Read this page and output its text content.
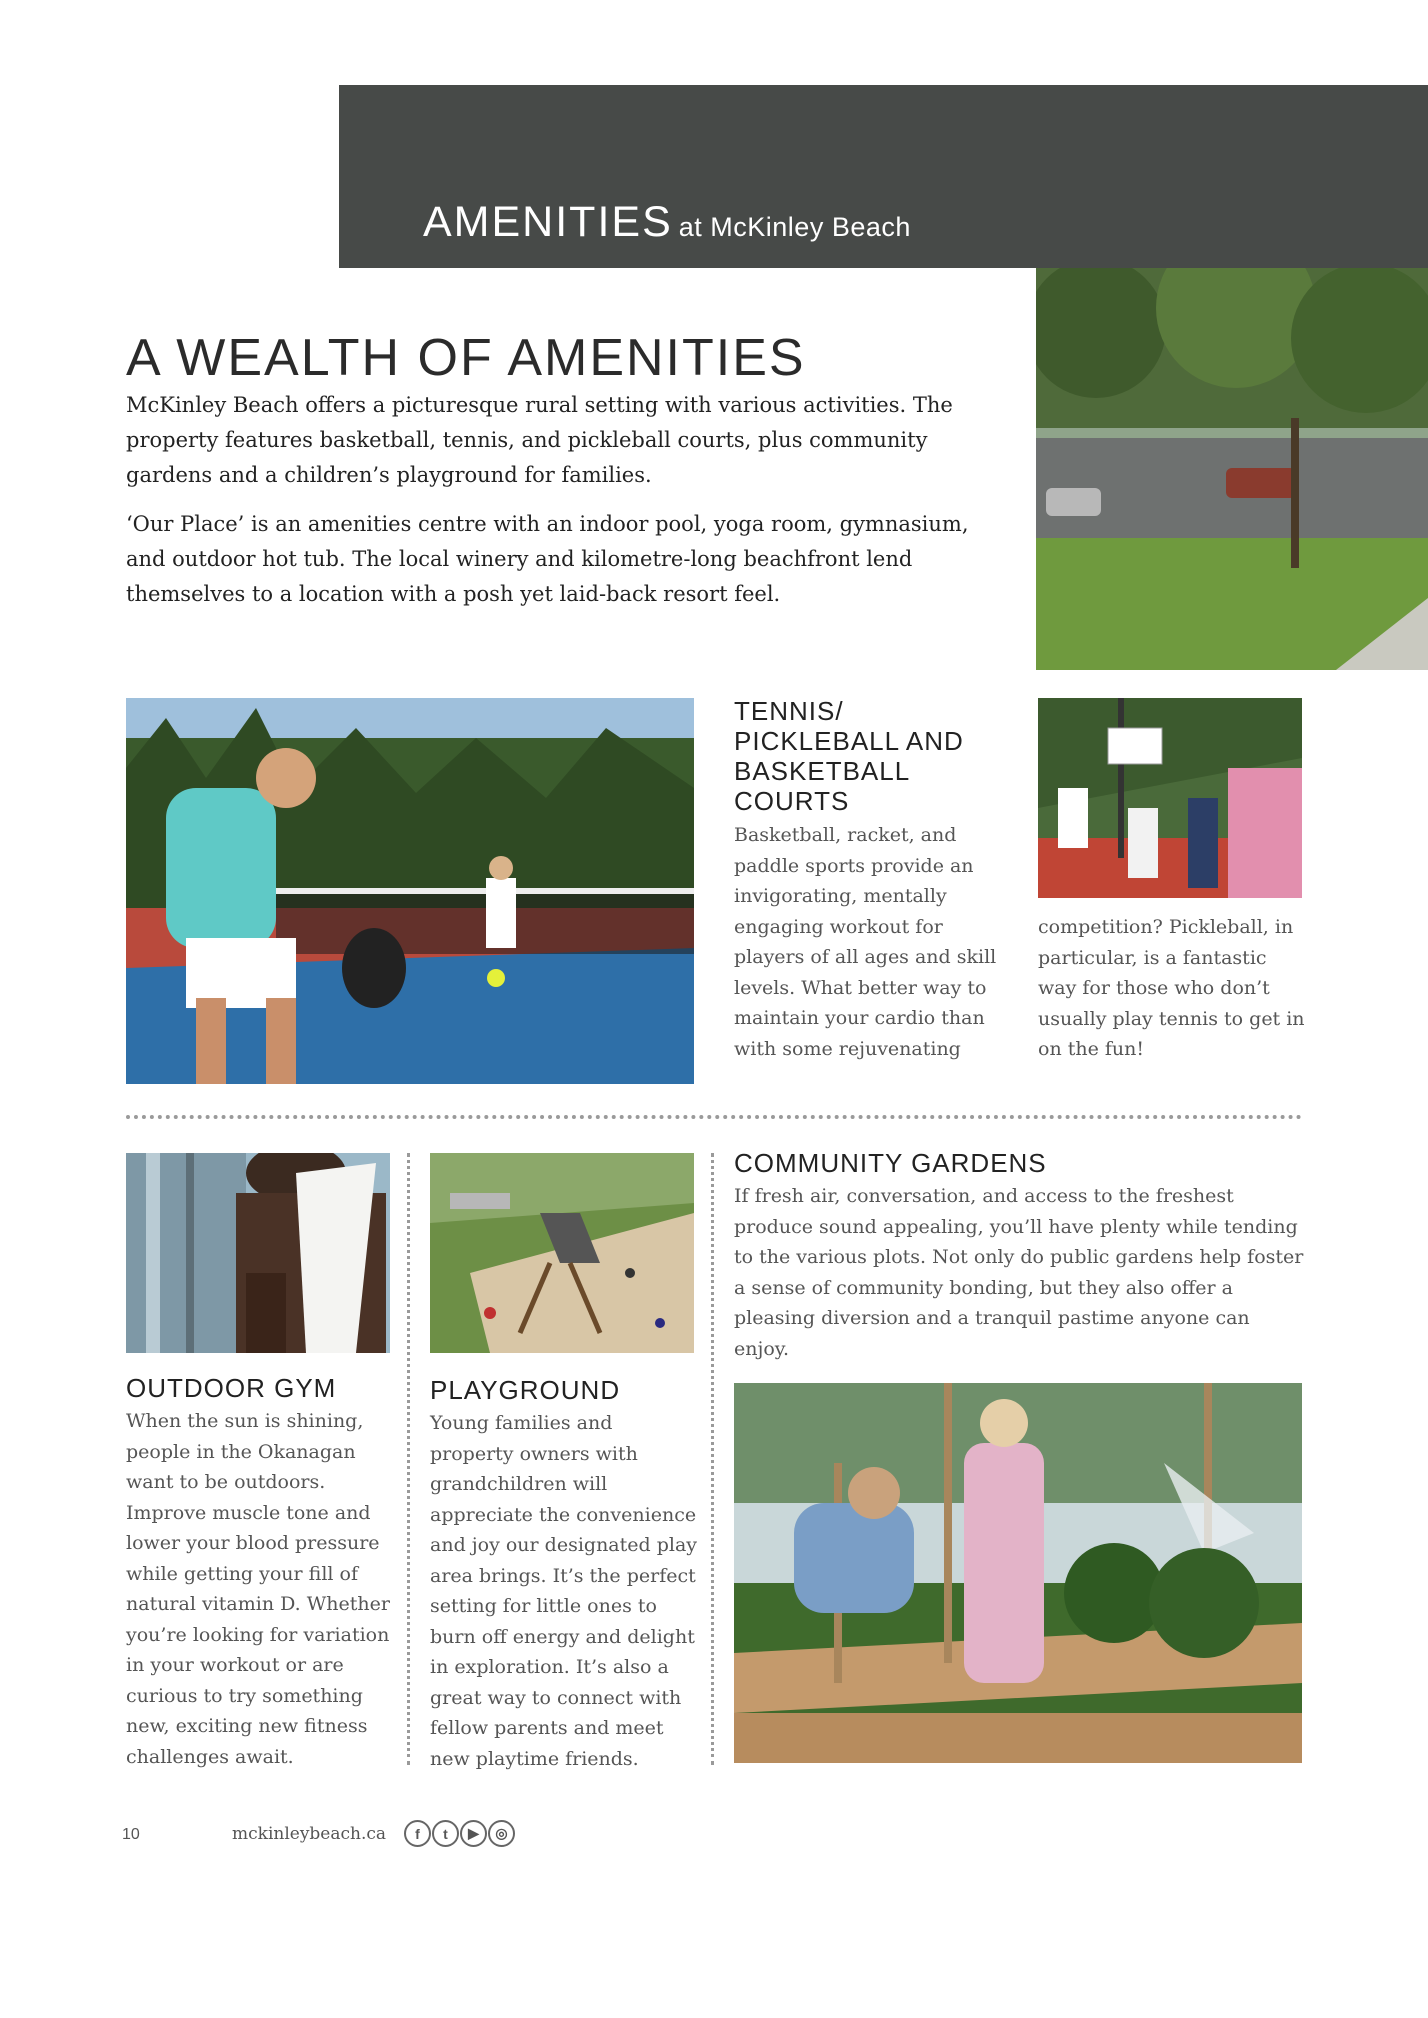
AMENITIES at McKinley Beach
A WEALTH OF AMENITIES

McKinley Beach offers a picturesque rural setting with various activities. The property features basketball, tennis, and pickleball courts, plus community gardens and a children’s playground for families.

‘Our Place’ is an amenities centre with an indoor pool, yoga room, gymnasium, and outdoor hot tub. The local winery and kilometre-long beachfront lend themselves to a location with a posh yet laid-back resort feel.

TENNIS/ PICKLEBALL AND BASKETBALL COURTS
Basketball, racket, and paddle sports provide an invigorating, mentally engaging workout for players of all ages and skill levels. What better way to maintain your cardio than with some rejuvenating
competition? Pickleball, in particular, is a fantastic way for those who don’t usually play tennis to get in on the fun!
OUTDOOR GYM
When the sun is shining, people in the Okanagan want to be outdoors. Improve muscle tone and lower your blood pressure while getting your fill of natural vitamin D. Whether you’re looking for variation in your workout or are curious to try something new, exciting new fitness challenges await.
PLAYGROUND
Young families and property owners with grandchildren will appreciate the convenience and joy our designated play area brings. It’s the perfect setting for little ones to burn off energy and delight in exploration. It’s also a great way to connect with fellow parents and meet new playtime friends.
COMMUNITY GARDENS
If fresh air, conversation, and access to the freshest produce sound appealing, you’ll have plenty while tending to the various plots. Not only do public gardens help foster a sense of community bonding, but they also offer a pleasing diversion and a tranquil pastime anyone can enjoy.
10	mckinleybeach.ca	f	t	▶	◎
